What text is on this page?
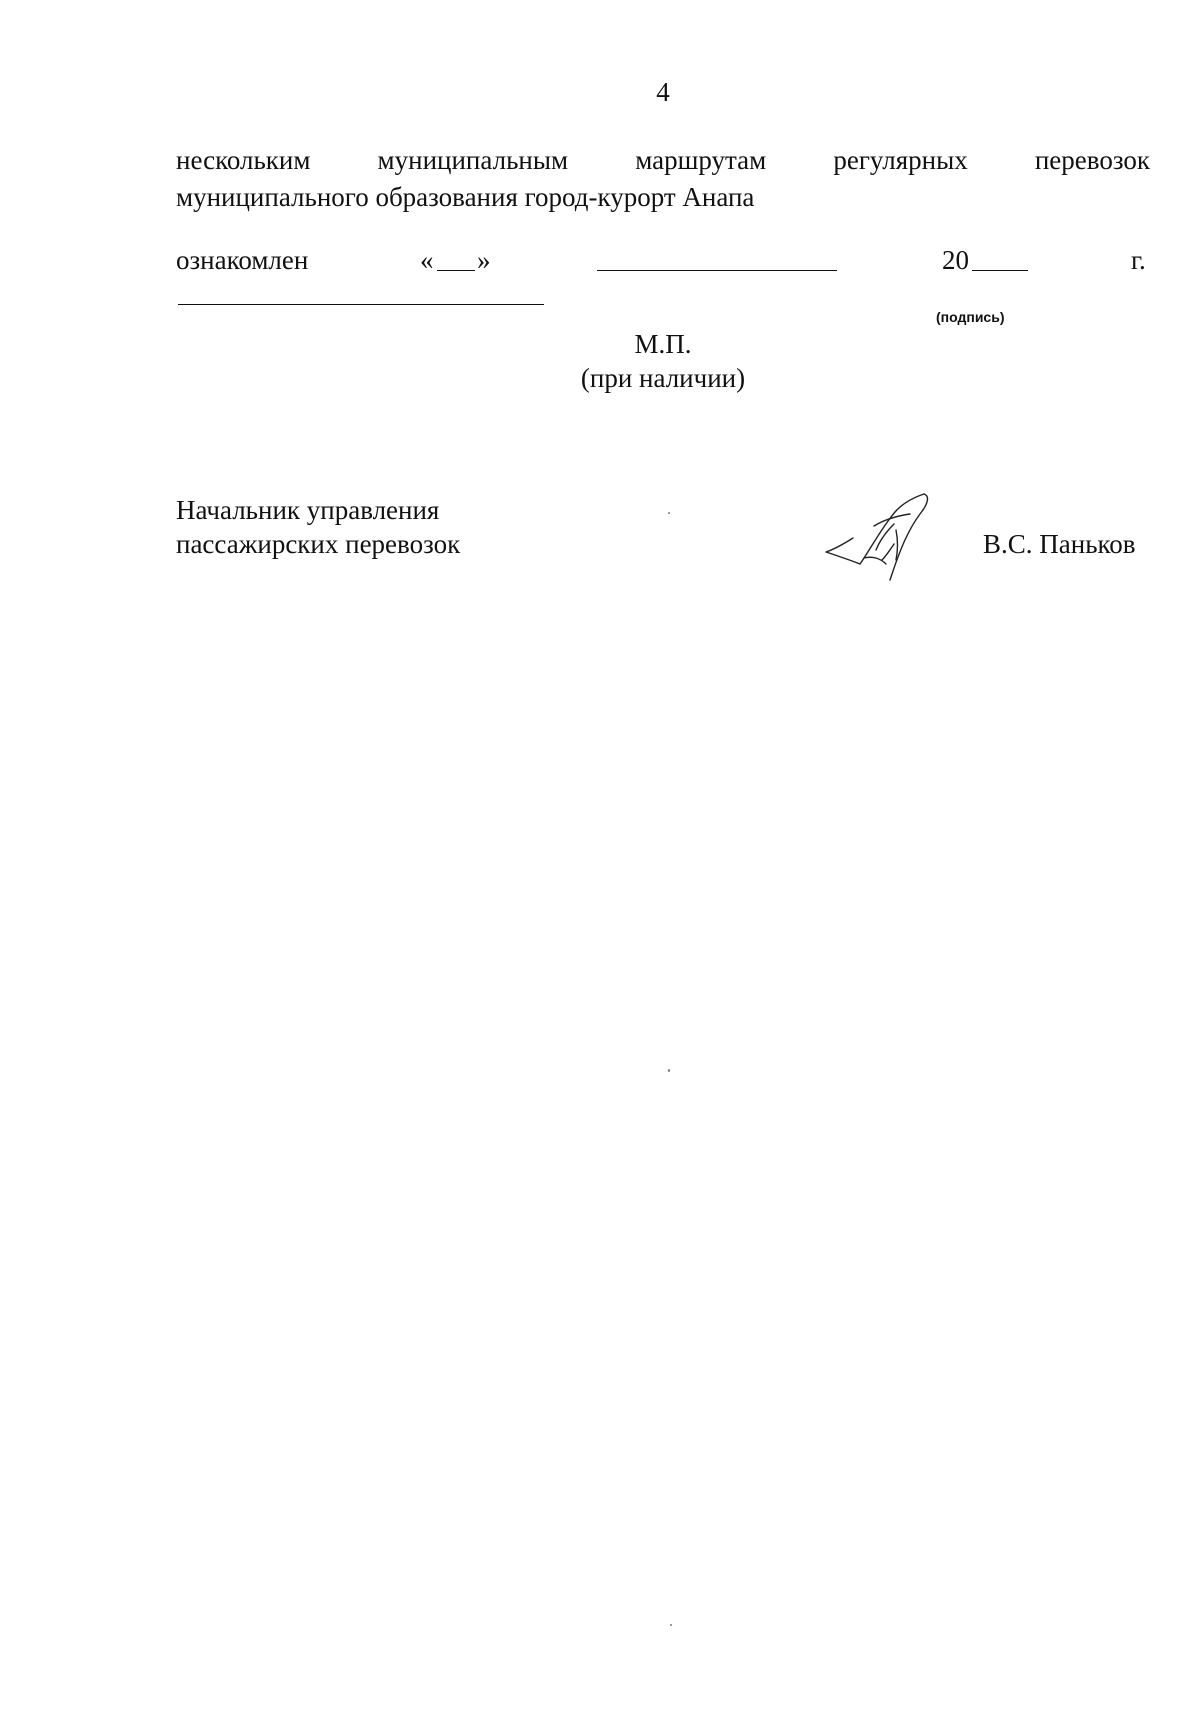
4
нескольким муниципальным маршрутам регулярных перевозок
муниципального образования город-курорт Анапа
ознакомлен	« »	20	г.
(подпись)
М.П.
(при наличии)
Начальник управления
пассажирских перевозок	В.С. Паньков
